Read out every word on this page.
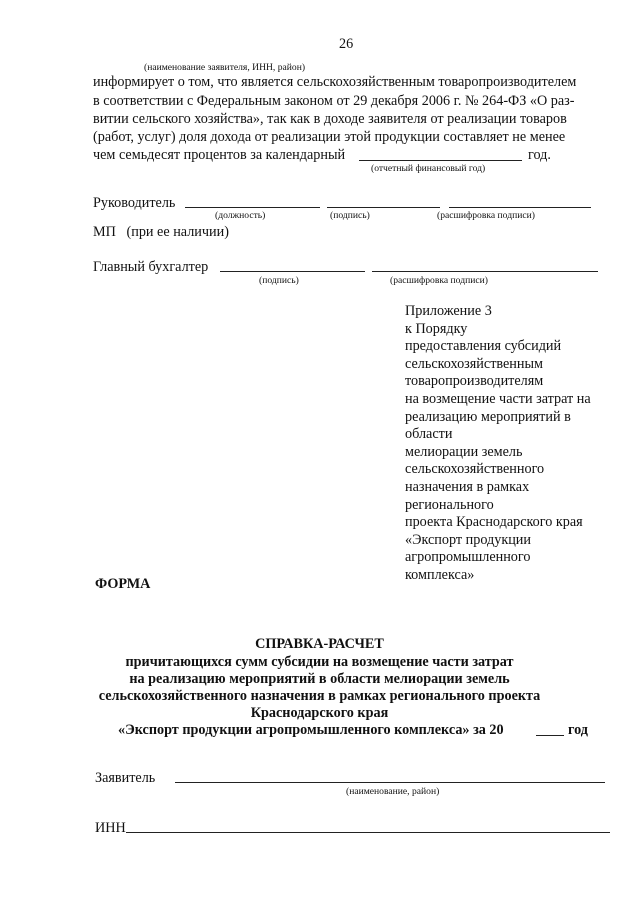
26
(наименование заявителя, ИНН, район)
информирует о том, что является сельскохозяйственным товаропроизводителем
в соответствии с Федеральным законом от 29 декабря 2006 г. № 264-ФЗ «О раз-
витии сельского хозяйства», так как в доходе заявителя от реализации товаров
(работ, услуг) доля дохода от реализации этой продукции составляет не менее
чем семьдесят процентов за календарный	год.
(отчетный финансовый год)
Руководитель
(должность)	(подпись)	(расшифровка подписи)
МП   (при ее наличии)
Главный бухгалтер
(подпись)	(расшифровка подписи)
Приложение 3
к Порядку
предоставления субсидий
сельскохозяйственным
товаропроизводителям
на возмещение части затрат на
реализацию мероприятий в
области
мелиорации земель
сельскохозяйственного
назначения в рамках
регионального
проекта Краснодарского края
«Экспорт продукции
агропромышленного
комплекса»
ФОРМА
СПРАВКА-РАСЧЕТ
причитающихся сумм субсидии на возмещение части затрат
на реализацию мероприятий в области мелиорации земель
сельскохозяйственного назначения в рамках регионального проекта
Краснодарского края
«Экспорт продукции агропромышленного комплекса» за 20	год
Заявитель
(наименование, район)
ИНН
